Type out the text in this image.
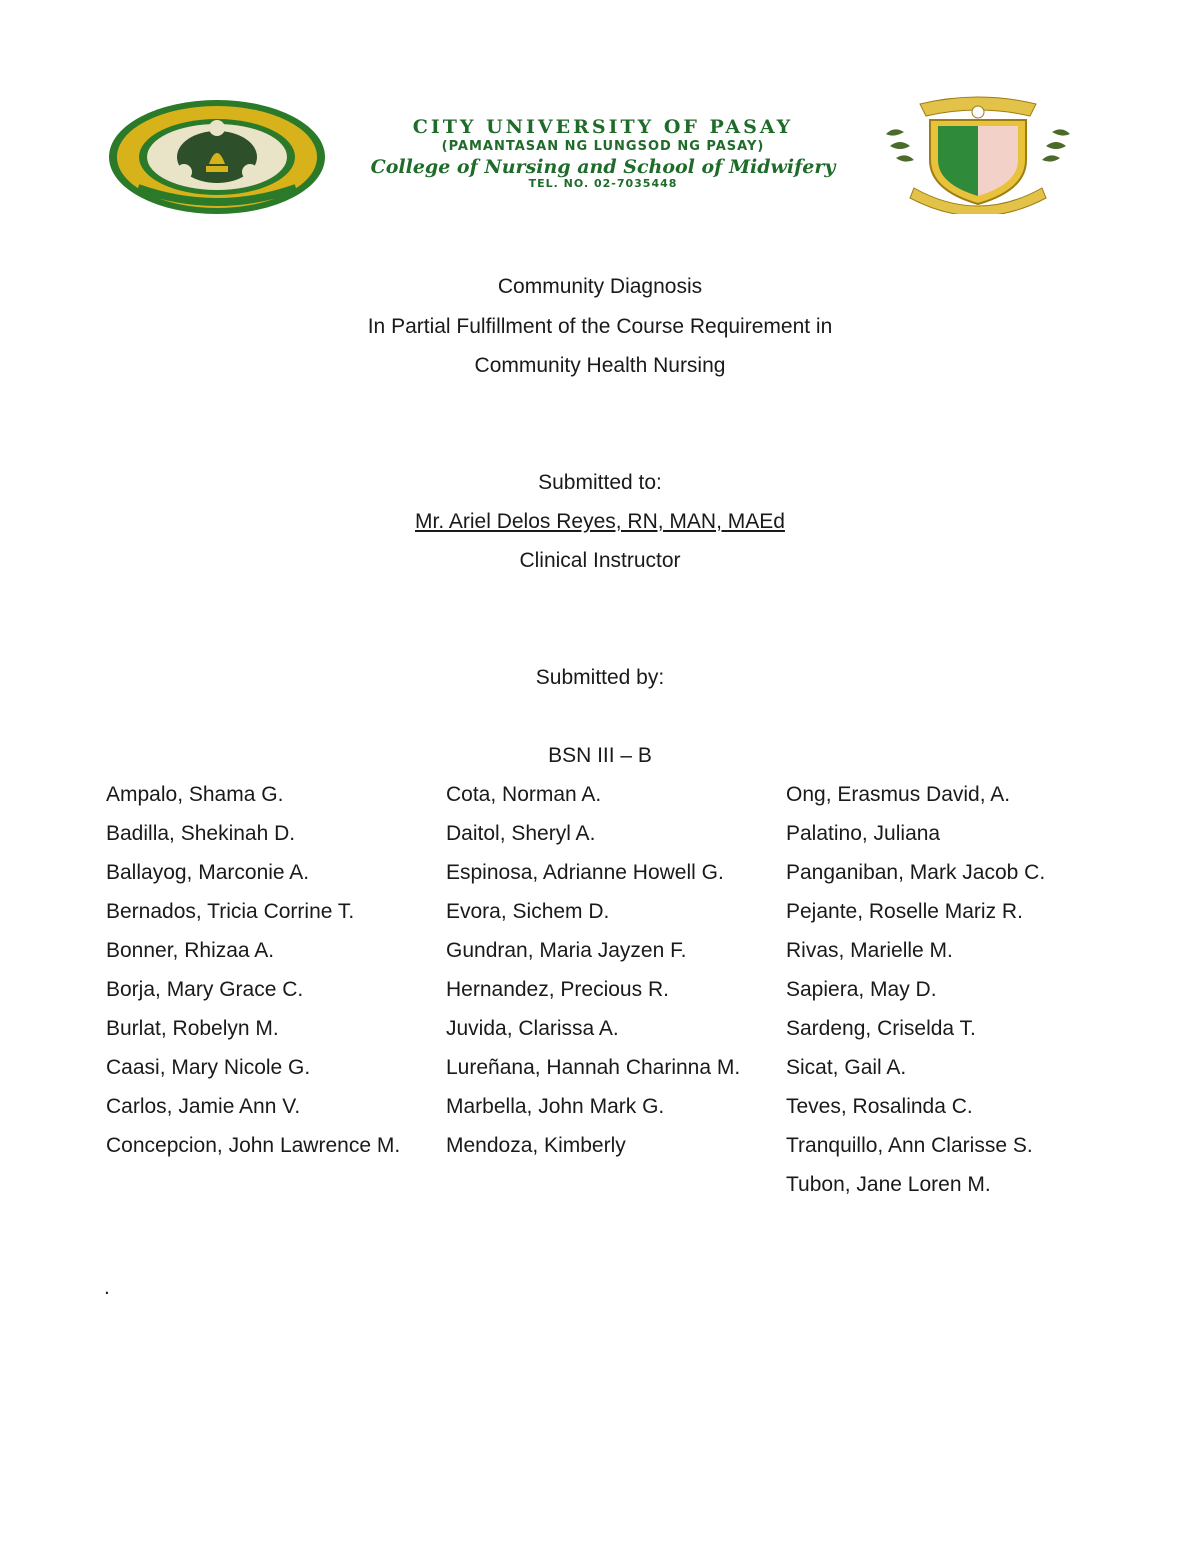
CITY UNIVERSITY OF PASAY
(PAMANTASAN NG LUNGSOD NG PASAY)
College of Nursing and School of Midwifery
TEL. NO. 02-7035448
Community Diagnosis
In Partial Fulfillment of the Course Requirement in
Community Health Nursing
Submitted to:
Mr. Ariel Delos Reyes, RN, MAN, MAEd
Clinical Instructor
Submitted by:
BSN III – B
Ampalo, Shama G.
Badilla, Shekinah D.
Ballayog, Marconie A.
Bernados, Tricia Corrine T.
Bonner, Rhizaa A.
Borja, Mary Grace C.
Burlat, Robelyn M.
Caasi, Mary Nicole G.
Carlos, Jamie Ann V.
Concepcion, John Lawrence M.
Cota, Norman A.
Daitol, Sheryl A.
Espinosa, Adrianne Howell G.
Evora, Sichem D.
Gundran, Maria Jayzen F.
Hernandez, Precious R.
Juvida, Clarissa A.
Lureñana, Hannah Charinna M.
Marbella, John Mark G.
Mendoza, Kimberly
Ong, Erasmus David, A.
Palatino, Juliana
Panganiban, Mark Jacob C.
Pejante, Roselle Mariz R.
Rivas, Marielle M.
Sapiera, May D.
Sardeng, Criselda T.
Sicat, Gail A.
Teves, Rosalinda C.
Tranquillo, Ann Clarisse S.
Tubon, Jane Loren M.
.
